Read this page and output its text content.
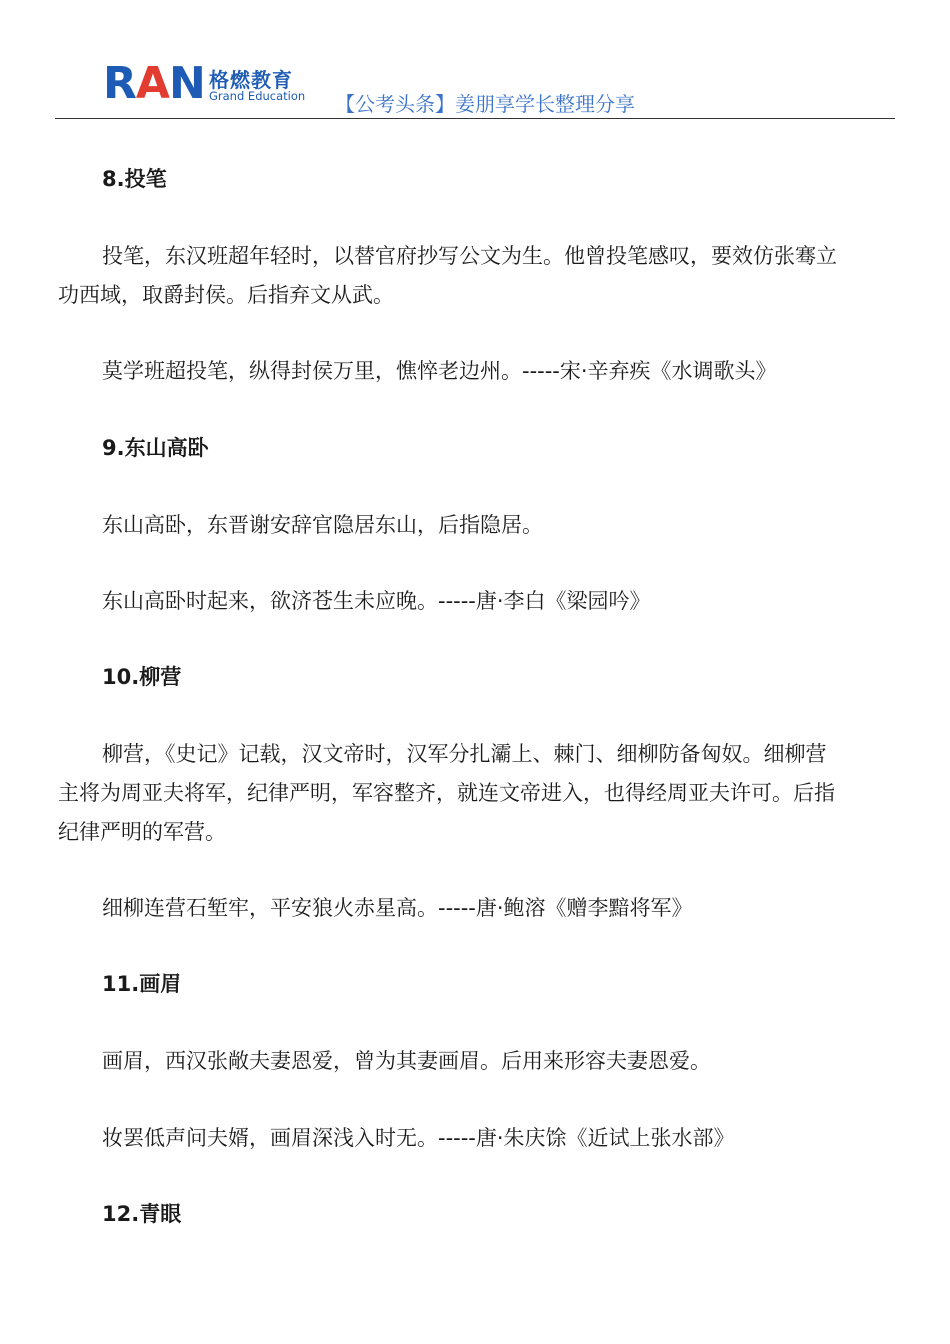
RAN 格燃教育
Grand Education 【公考头条】姜朋享学长整理分享
8.投笔
投笔，东汉班超年轻时，以替官府抄写公文为生。他曾投笔感叹，要效仿张骞立
功西域，取爵封侯。后指弃文从武。
莫学班超投笔，纵得封侯万里，憔悴老边州。-----宋·辛弃疾《水调歌头》
9.东山高卧
东山高卧，东晋谢安辞官隐居东山，后指隐居。
东山高卧时起来，欲济苍生未应晚。-----唐·李白《梁园吟》
10.柳营
柳营，《史记》记载，汉文帝时，汉军分扎灞上、棘门、细柳防备匈奴。细柳营
主将为周亚夫将军，纪律严明，军容整齐，就连文帝进入，也得经周亚夫许可。后指
纪律严明的军营。
细柳连营石堑牢，平安狼火赤星高。-----唐·鲍溶《赠李黯将军》
11.画眉
画眉，西汉张敞夫妻恩爱，曾为其妻画眉。后用来形容夫妻恩爱。
妆罢低声问夫婿，画眉深浅入时无。-----唐·朱庆馀《近试上张水部》
12.青眼
